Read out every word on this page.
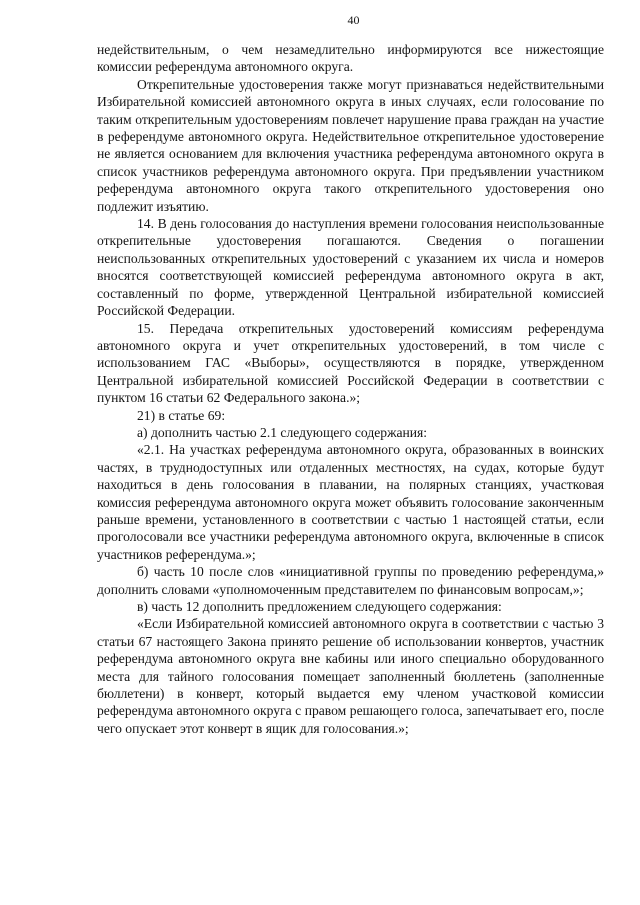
40

недействительным, о чем незамедлительно информируются все нижестоящие комиссии референдума автономного округа.

Открепительные удостоверения также могут признаваться недействительными Избирательной комиссией автономного округа в иных случаях, если голосование по таким открепительным удостоверениям повлечет нарушение права граждан на участие в референдуме автономного округа. Недействительное открепительное удостоверение не является основанием для включения участника референдума автономного округа в список участников референдума автономного округа. При предъявлении участником референдума автономного округа такого открепительного удостоверения оно подлежит изъятию.

14. В день голосования до наступления времени голосования неиспользованные открепительные удостоверения погашаются. Сведения о погашении неиспользованных открепительных удостоверений с указанием их числа и номеров вносятся соответствующей комиссией референдума автономного округа в акт, составленный по форме, утвержденной Центральной избирательной комиссией Российской Федерации.

15. Передача открепительных удостоверений комиссиям референдума автономного округа и учет открепительных удостоверений, в том числе с использованием ГАС «Выборы», осуществляются в порядке, утвержденном Центральной избирательной комиссией Российской Федерации в соответствии с пунктом 16 статьи 62 Федерального закона.»;

21) в статье 69:

а) дополнить частью 2.1 следующего содержания:

«2.1. На участках референдума автономного округа, образованных в воинских частях, в труднодоступных или отдаленных местностях, на судах, которые будут находиться в день голосования в плавании, на полярных станциях, участковая комиссия референдума автономного округа может объявить голосование законченным раньше времени, установленного в соответствии с частью 1 настоящей статьи, если проголосовали все участники референдума автономного округа, включенные в список участников референдума.»;

б) часть 10 после слов «инициативной группы по проведению референдума,» дополнить словами «уполномоченным представителем по финансовым вопросам,»;

в) часть 12 дополнить предложением следующего содержания:

«Если Избирательной комиссией автономного округа в соответствии с частью 3 статьи 67 настоящего Закона принято решение об использовании конвертов, участник референдума автономного округа вне кабины или иного специально оборудованного места для тайного голосования помещает заполненный бюллетень (заполненные бюллетени) в конверт, который выдается ему членом участковой комиссии референдума автономного округа с правом решающего голоса, запечатывает его, после чего опускает этот конверт в ящик для голосования.»;
